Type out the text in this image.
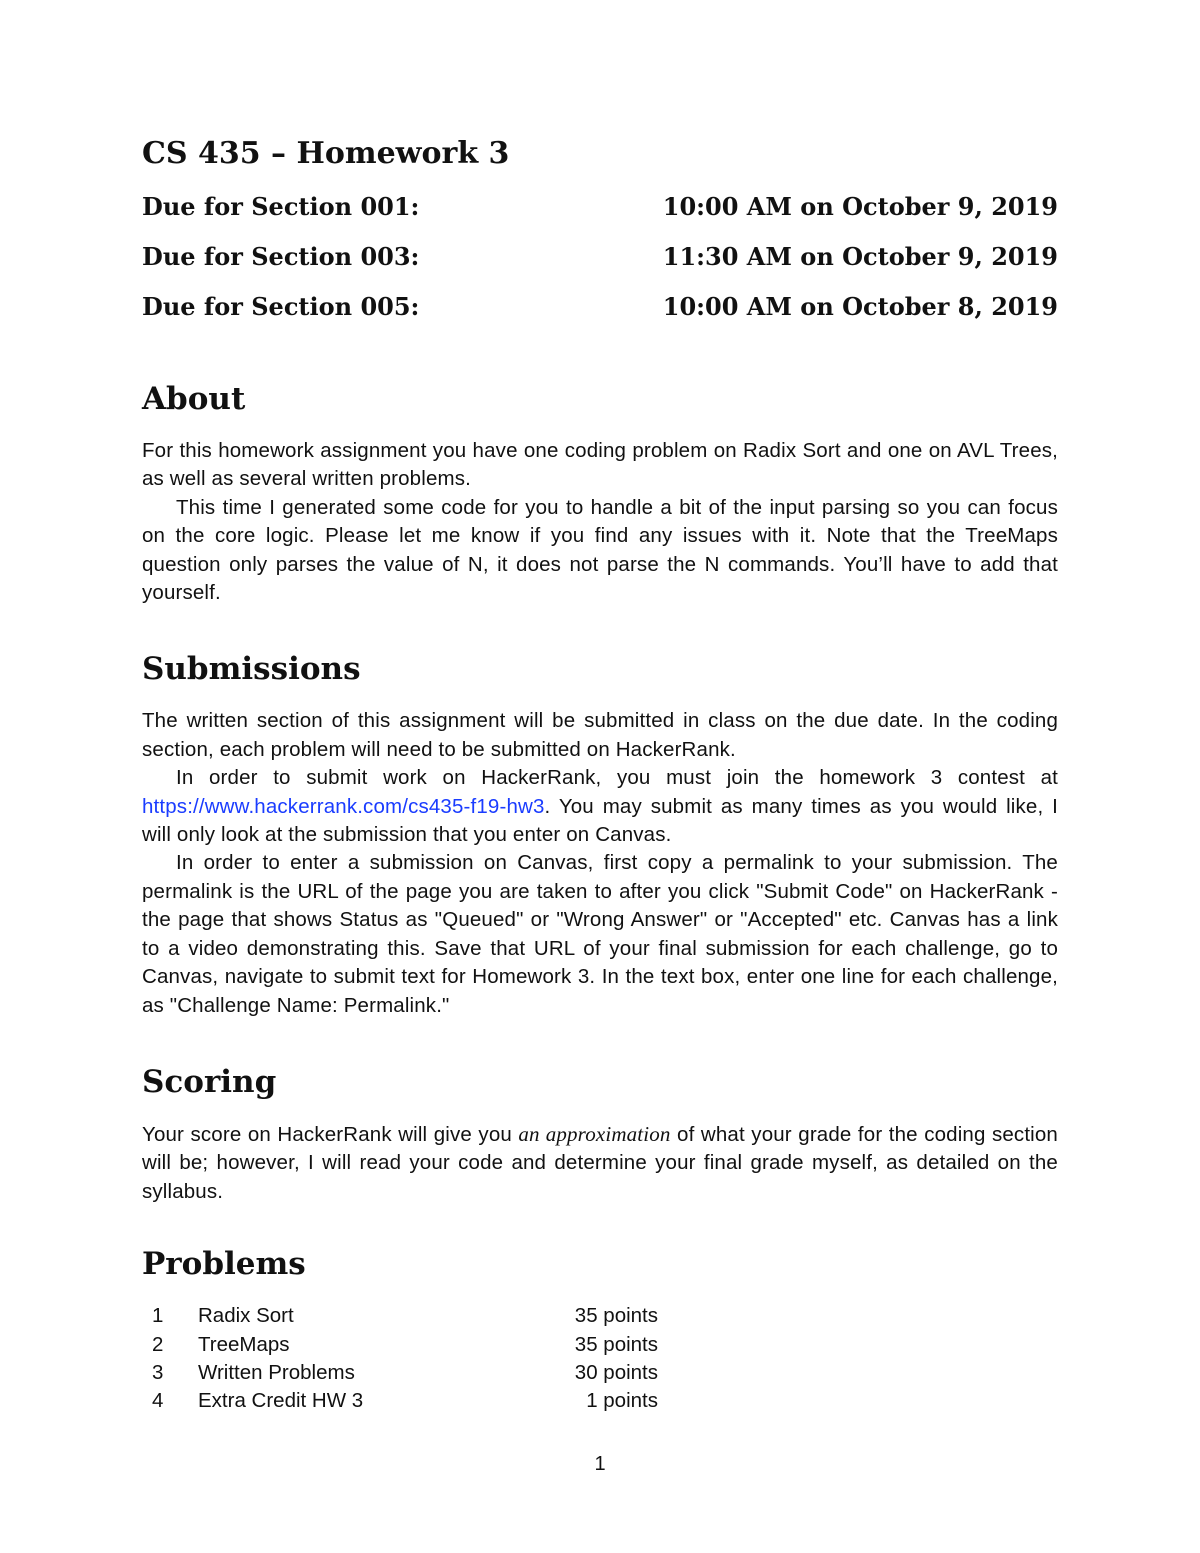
CS 435 – Homework 3
Due for Section 001:	10:00 AM on October 9, 2019
Due for Section 003:	11:30 AM on October 9, 2019
Due for Section 005:	10:00 AM on October 8, 2019
About

For this homework assignment you have one coding problem on Radix Sort and one on AVL Trees, as well as several written problems.

This time I generated some code for you to handle a bit of the input parsing so you can focus on the core logic. Please let me know if you find any issues with it. Note that the TreeMaps question only parses the value of N, it does not parse the N commands. You’ll have to add that yourself.

Submissions

The written section of this assignment will be submitted in class on the due date. In the coding section, each problem will need to be submitted on HackerRank.

In order to submit work on HackerRank, you must join the homework 3 contest at https://www.hackerrank.com/cs435-f19-hw3. You may submit as many times as you would like, I will only look at the submission that you enter on Canvas.

In order to enter a submission on Canvas, first copy a permalink to your submission. The permalink is the URL of the page you are taken to after you click "Submit Code" on HackerRank - the page that shows Status as "Queued" or "Wrong Answer" or "Accepted" etc. Canvas has a link to a video demonstrating this. Save that URL of your final submission for each challenge, go to Canvas, navigate to submit text for Homework 3. In the text box, enter one line for each challenge, as "Challenge Name: Permalink."

Scoring

Your score on HackerRank will give you an approximation of what your grade for the coding section will be; however, I will read your code and determine your final grade myself, as detailed on the syllabus.

Problems
1	Radix Sort	35 points
2	TreeMaps	35 points
3	Written Problems	30 points
4	Extra Credit HW 3	1 points
1
